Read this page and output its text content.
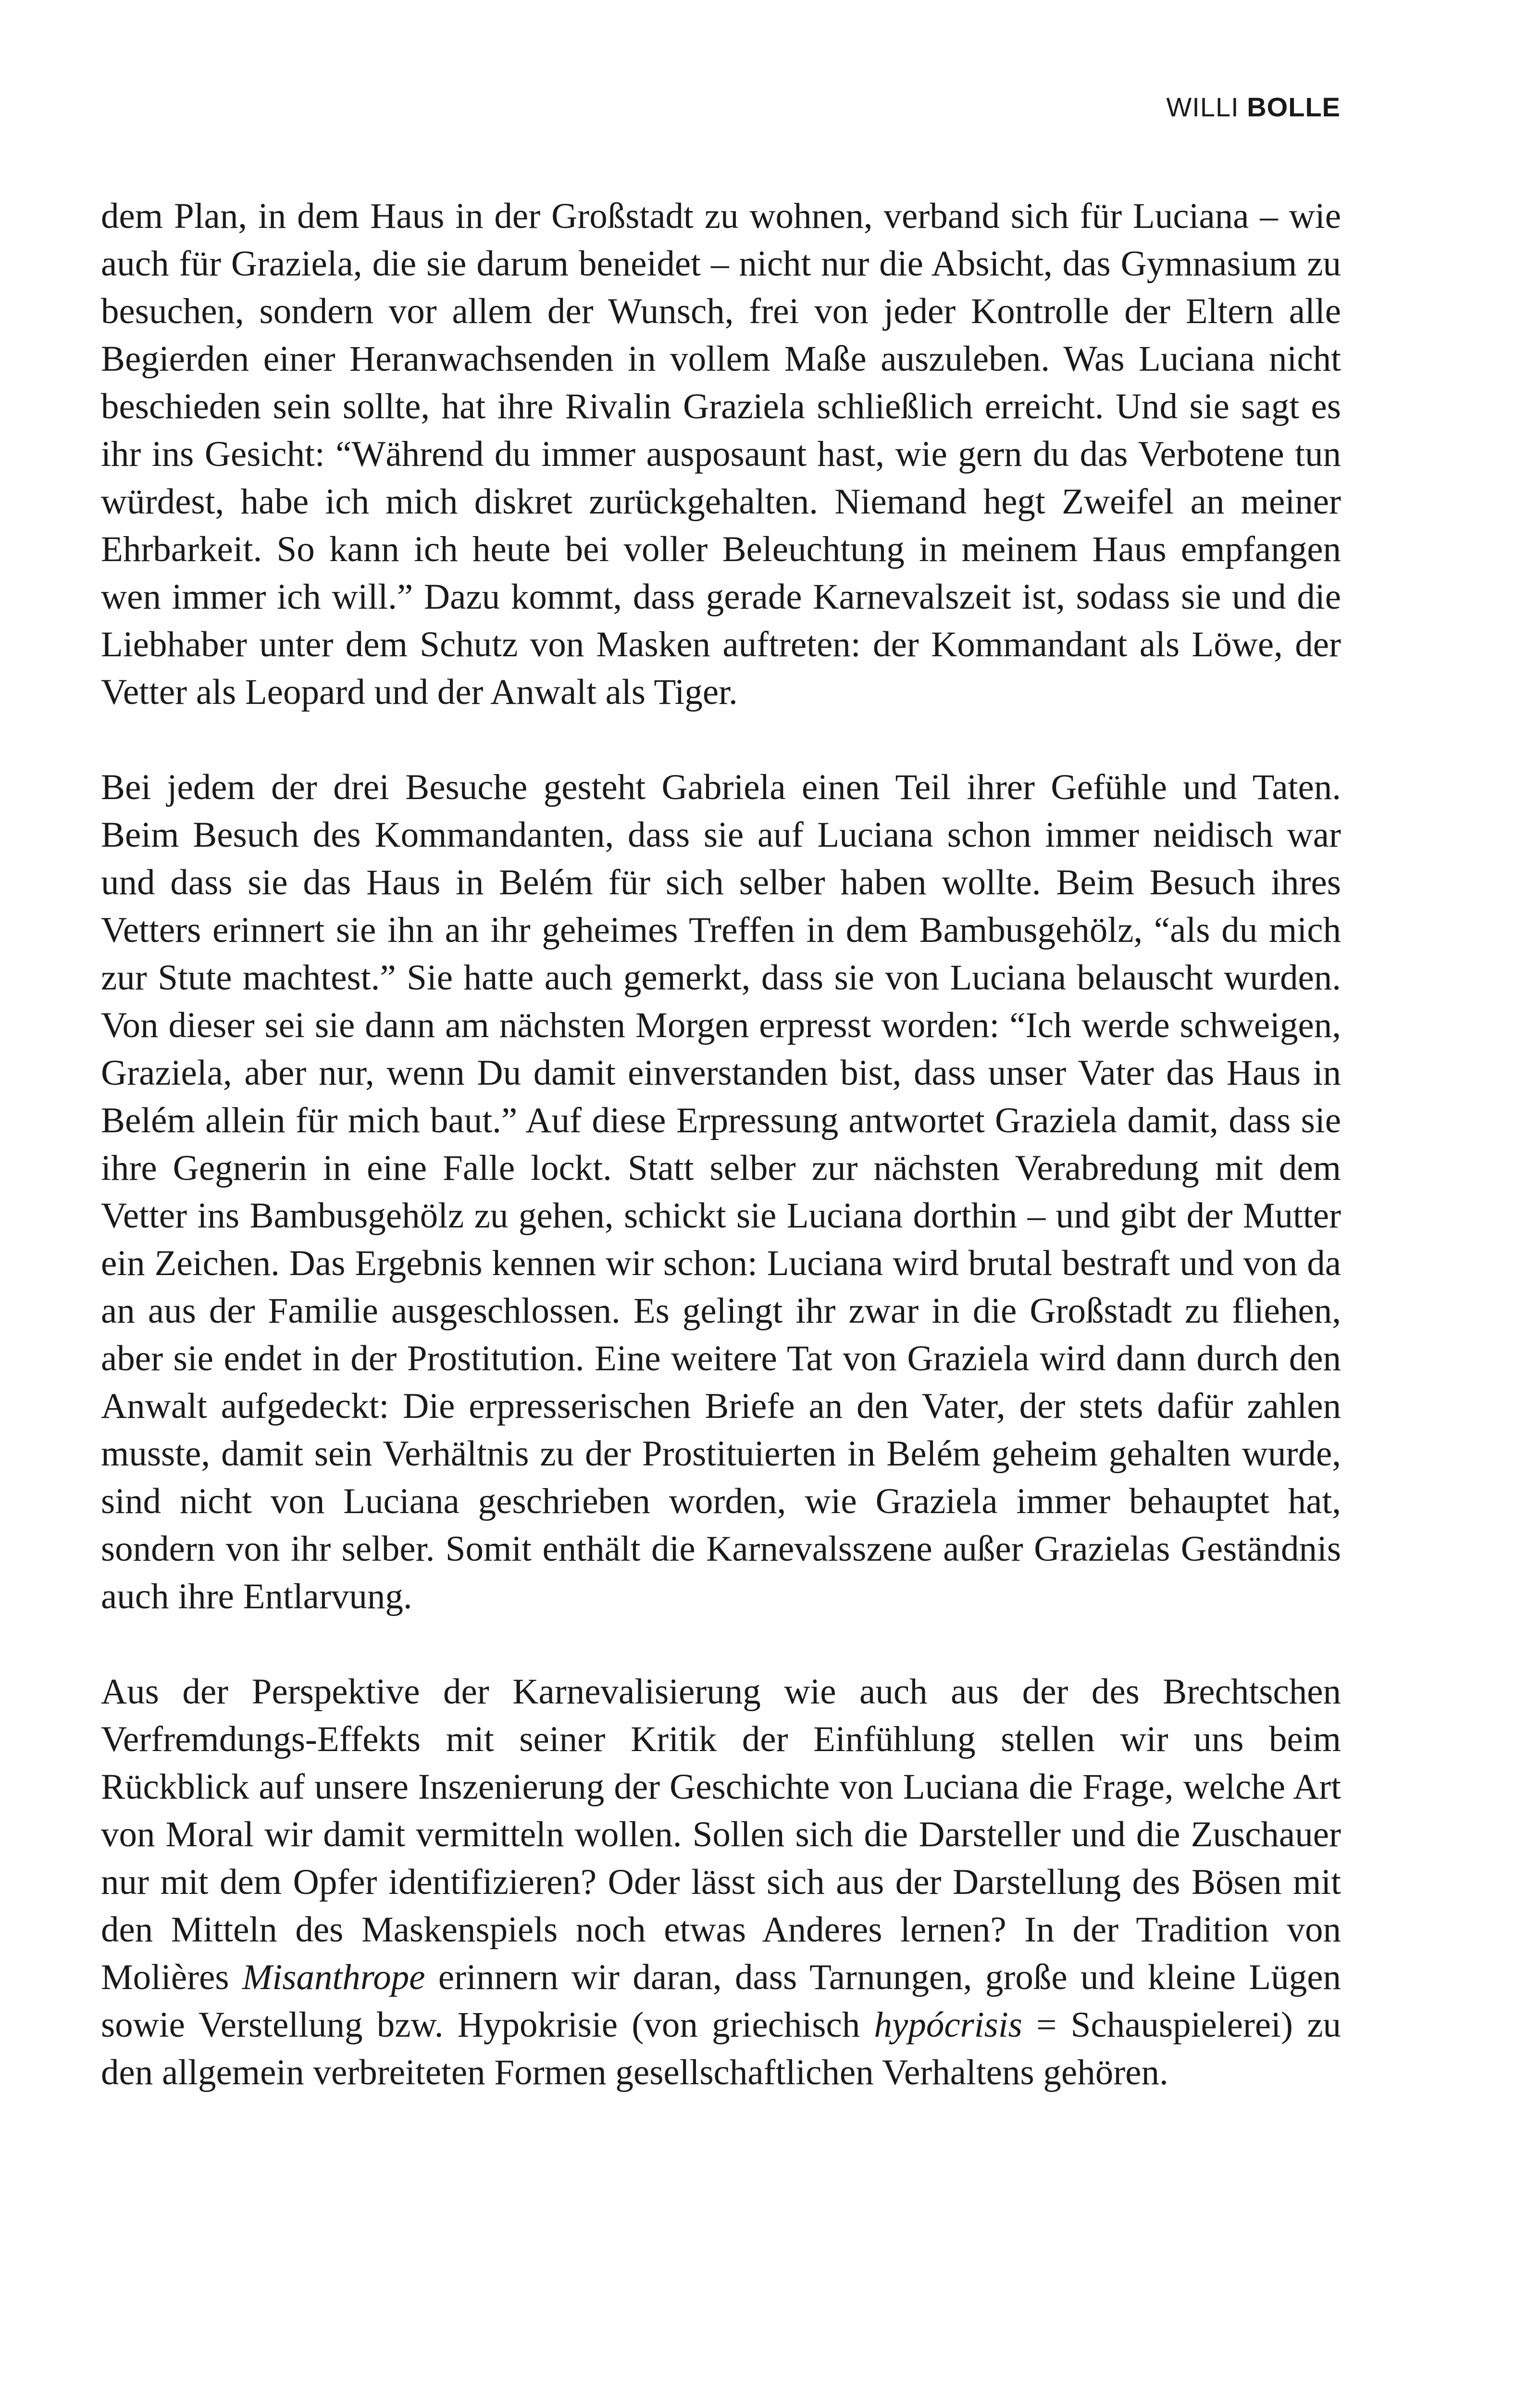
WILLI BOLLE

dem Plan, in dem Haus in der Großstadt zu wohnen, verband sich für Luciana – wie auch für Graziela, die sie darum beneidet – nicht nur die Absicht, das Gymnasium zu besuchen, sondern vor allem der Wunsch, frei von jeder Kontrolle der Eltern alle Begierden einer Heranwachsenden in vollem Maße auszuleben. Was Luciana nicht beschieden sein sollte, hat ihre Rivalin Graziela schließlich erreicht. Und sie sagt es ihr ins Gesicht: “Während du immer ausposaunt hast, wie gern du das Verbotene tun würdest, habe ich mich diskret zurückgehalten. Niemand hegt Zweifel an meiner Ehrbarkeit. So kann ich heute bei voller Beleuchtung in meinem Haus empfangen wen immer ich will.” Dazu kommt, dass gerade Karnevalszeit ist, sodass sie und die Liebhaber unter dem Schutz von Masken auftreten: der Kommandant als Löwe, der Vetter als Leopard und der Anwalt als Tiger.

Bei jedem der drei Besuche gesteht Gabriela einen Teil ihrer Gefühle und Taten. Beim Besuch des Kommandanten, dass sie auf Luciana schon immer neidisch war und dass sie das Haus in Belém für sich selber haben wollte. Beim Besuch ihres Vetters erinnert sie ihn an ihr geheimes Treffen in dem Bambusgehölz, “als du mich zur Stute machtest.” Sie hatte auch gemerkt, dass sie von Luciana belauscht wurden. Von dieser sei sie dann am nächsten Morgen erpresst worden: “Ich werde schweigen, Graziela, aber nur, wenn Du damit einverstanden bist, dass unser Vater das Haus in Belém allein für mich baut.” Auf diese Erpressung antwortet Graziela damit, dass sie ihre Gegnerin in eine Falle lockt. Statt selber zur nächsten Verabredung mit dem Vetter ins Bambusgehölz zu gehen, schickt sie Luciana dorthin – und gibt der Mutter ein Zeichen. Das Ergebnis kennen wir schon: Luciana wird brutal bestraft und von da an aus der Familie ausgeschlossen. Es gelingt ihr zwar in die Großstadt zu fliehen, aber sie endet in der Prostitution. Eine weitere Tat von Graziela wird dann durch den Anwalt aufgedeckt: Die erpresserischen Briefe an den Vater, der stets dafür zahlen musste, damit sein Verhältnis zu der Prostituierten in Belém geheim gehalten wurde, sind nicht von Luciana geschrieben worden, wie Graziela immer behauptet hat, sondern von ihr selber. Somit enthält die Karnevalsszene außer Grazielas Geständnis auch ihre Entlarvung.

Aus der Perspektive der Karnevalisierung wie auch aus der des Brechtschen Verfremdungs-Effekts mit seiner Kritik der Einfühlung stellen wir uns beim Rückblick auf unsere Inszenierung der Geschichte von Luciana die Frage, welche Art von Moral wir damit vermitteln wollen. Sollen sich die Darsteller und die Zuschauer nur mit dem Opfer identifizieren? Oder lässt sich aus der Darstellung des Bösen mit den Mitteln des Maskenspiels noch etwas Anderes lernen? In der Tradition von Molières Misanthrope erinnern wir daran, dass Tarnungen, große und kleine Lügen sowie Verstellung bzw. Hypokrisie (von griechisch hypócrisis = Schauspielerei) zu den allgemein verbreiteten Formen gesellschaftlichen Verhaltens gehören.
